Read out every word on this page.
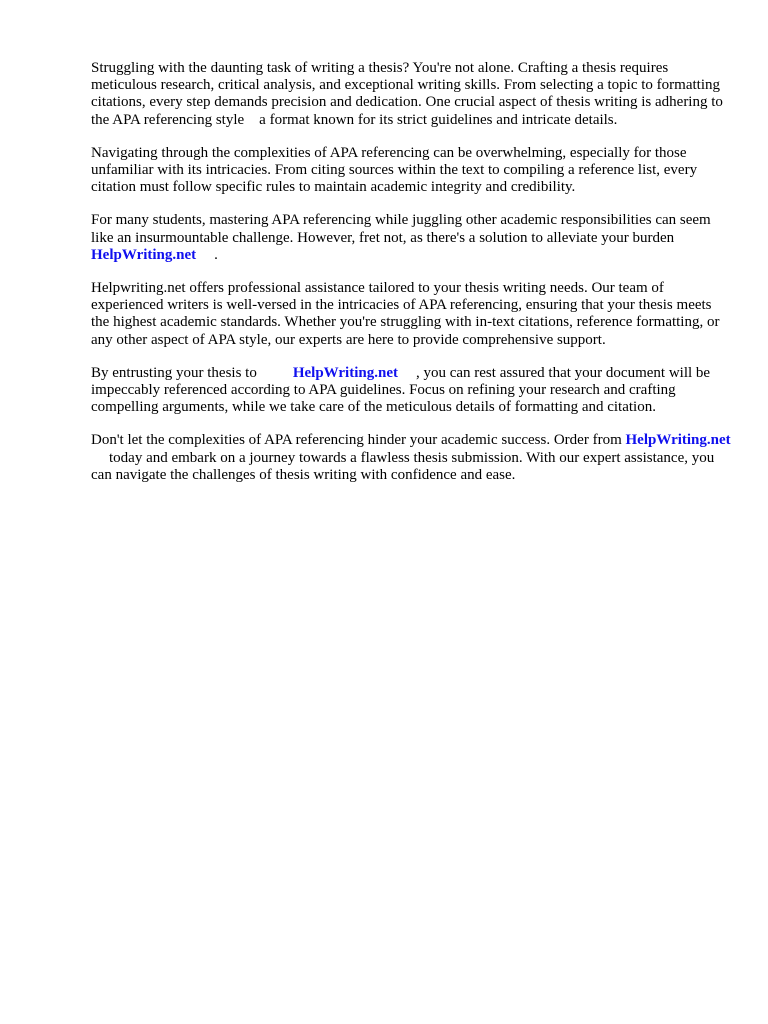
Struggling with the daunting task of writing a thesis? You're not alone. Crafting a thesis requires meticulous research, critical analysis, and exceptional writing skills. From selecting a topic to formatting citations, every step demands precision and dedication. One crucial aspect of thesis writing is adhering to the APA referencing style    a format known for its strict guidelines and intricate details.

Navigating through the complexities of APA referencing can be overwhelming, especially for those unfamiliar with its intricacies. From citing sources within the text to compiling a reference list, every citation must follow specific rules to maintain academic integrity and credibility.

For many students, mastering APA referencing while juggling other academic responsibilities can seem like an insurmountable challenge. However, fret not, as there's a solution to alleviate your burdenHelpWriting.net .

Helpwriting.net offers professional assistance tailored to your thesis writing needs. Our team of experienced writers is well-versed in the intricacies of APA referencing, ensuring that your thesis meets the highest academic standards. Whether you're struggling with in-text citations, reference formatting, or any other aspect of APA style, our experts are here to provide comprehensive support.

By entrusting your thesis to HelpWriting.net , you can rest assured that your document will be impeccably referenced according to APA guidelines. Focus on refining your research and crafting compelling arguments, while we take care of the meticulous details of formatting and citation.

Don't let the complexities of APA referencing hinder your academic success. Order from HelpWriting.nettoday and embark on a journey towards a flawless thesis submission. With our expert assistance, you can navigate the challenges of thesis writing with confidence and ease.
